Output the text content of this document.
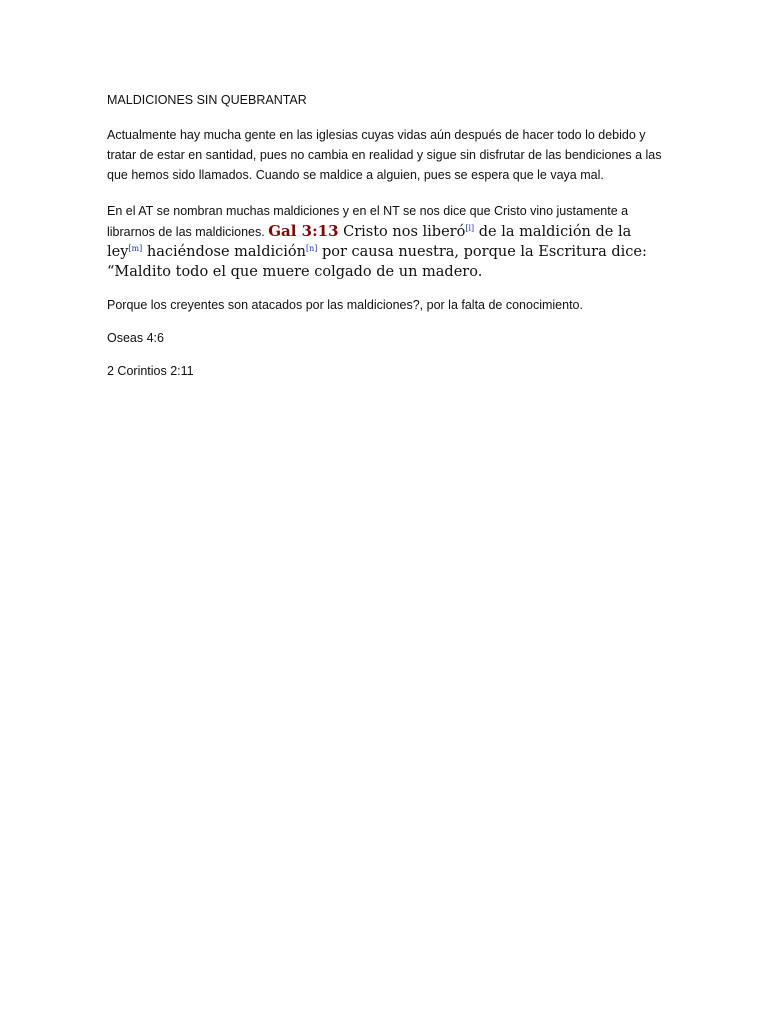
MALDICIONES SIN QUEBRANTAR

Actualmente hay mucha gente en las iglesias cuyas vidas aún después de hacer todo lo debido y tratar de estar en santidad, pues no cambia en realidad y sigue sin disfrutar de las bendiciones a las que hemos sido llamados. Cuando se maldice a alguien, pues se espera que le vaya mal.

En el AT se nombran muchas maldiciones y en el NT se nos dice que Cristo vino justamente a librarnos de las maldiciones. Gal 3:13 Cristo nos liberó[l] de la maldición de la ley[m] haciéndose maldición[n] por causa nuestra, porque la Escritura dice: “Maldito todo el que muere colgado de un madero.

Porque los creyentes son atacados por las maldiciones?, por la falta de conocimiento.

Oseas 4:6

2 Corintios 2:11
